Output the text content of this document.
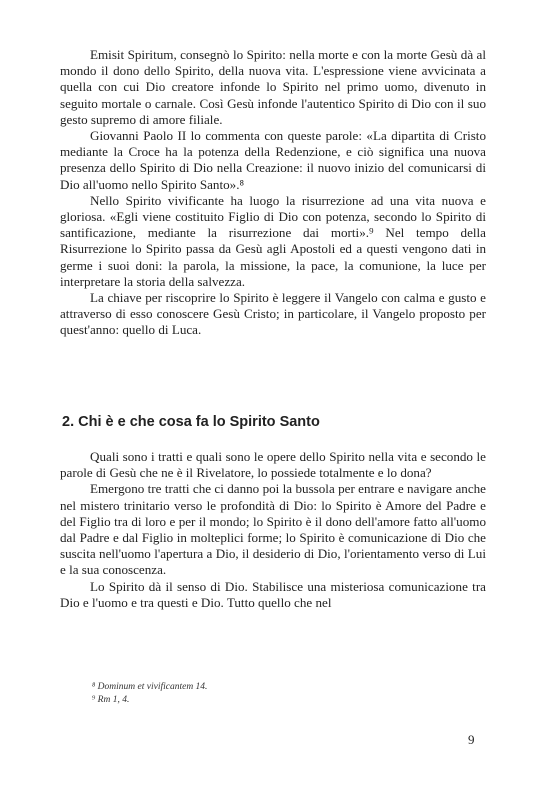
Emisit Spiritum, consegnò lo Spirito: nella morte e con la morte Gesù dà al mondo il dono dello Spirito, della nuova vita. L'espressione viene avvicinata a quella con cui Dio creatore infonde lo Spirito nel primo uomo, divenuto in seguito mortale o carnale. Così Gesù infonde l'autentico Spirito di Dio con il suo gesto supremo di amore filiale.

Giovanni Paolo II lo commenta con queste parole: «La dipartita di Cristo mediante la Croce ha la potenza della Redenzione, e ciò significa una nuova presenza dello Spirito di Dio nella Creazione: il nuovo inizio del comunicarsi di Dio all'uomo nello Spirito Santo».⁸

Nello Spirito vivificante ha luogo la risurrezione ad una vita nuova e gloriosa. «Egli viene costituito Figlio di Dio con potenza, secondo lo Spirito di santificazione, mediante la risurrezione dai morti».⁹ Nel tempo della Risurrezione lo Spirito passa da Gesù agli Apostoli ed a questi vengono dati in germe i suoi doni: la parola, la missione, la pace, la comunione, la luce per interpretare la storia della salvezza.

La chiave per riscoprire lo Spirito è leggere il Vangelo con calma e gusto e attraverso di esso conoscere Gesù Cristo; in particolare, il Vangelo proposto per quest'anno: quello di Luca.

2. Chi è e che cosa fa lo Spirito Santo

Quali sono i tratti e quali sono le opere dello Spirito nella vita e secondo le parole di Gesù che ne è il Rivelatore, lo possiede totalmente e lo dona?

Emergono tre tratti che ci danno poi la bussola per entrare e navigare anche nel mistero trinitario verso le profondità di Dio: lo Spirito è Amore del Padre e del Figlio tra di loro e per il mondo; lo Spirito è il dono dell'amore fatto all'uomo dal Padre e dal Figlio in molteplici forme; lo Spirito è comunicazione di Dio che suscita nell'uomo l'apertura a Dio, il desiderio di Dio, l'orientamento verso di Lui e la sua conoscenza.

Lo Spirito dà il senso di Dio. Stabilisce una misteriosa comunicazione tra Dio e l'uomo e tra questi e Dio. Tutto quello che nel

⁸ Dominum et vivificantem 14.
⁹ Rm 1, 4.
9
